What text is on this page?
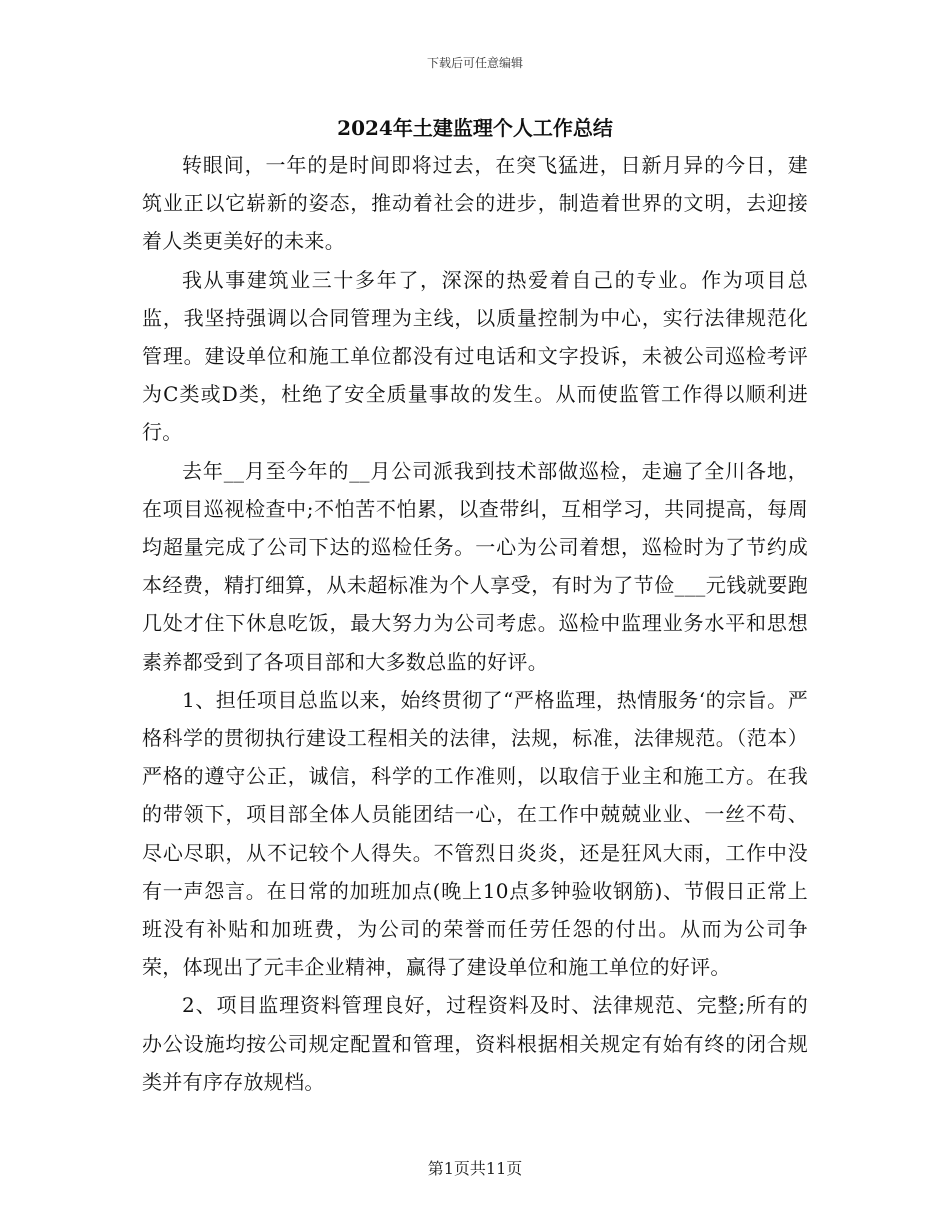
下载后可任意编辑
2024年土建监理个人工作总结

转眼间，一年的是时间即将过去，在突飞猛进，日新月异的今日，建筑业正以它崭新的姿态，推动着社会的进步，制造着世界的文明，去迎接着人类更美好的未来。

我从事建筑业三十多年了，深深的热爱着自己的专业。作为项目总监，我坚持强调以合同管理为主线，以质量控制为中心，实行法律规范化管理。建设单位和施工单位都没有过电话和文字投诉，未被公司巡检考评为C类或D类，杜绝了安全质量事故的发生。从而使监管工作得以顺利进行。

去年__月至今年的__月公司派我到技术部做巡检，走遍了全川各地，在项目巡视检查中;不怕苦不怕累，以查带纠，互相学习，共同提高，每周均超量完成了公司下达的巡检任务。一心为公司着想，巡检时为了节约成本经费，精打细算，从未超标准为个人享受，有时为了节俭___元钱就要跑几处才住下休息吃饭，最大努力为公司考虑。巡检中监理业务水平和思想素养都受到了各项目部和大多数总监的好评。

1、担任项目总监以来，始终贯彻了“严格监理，热情服务‘的宗旨。严格科学的贯彻执行建设工程相关的法律，法规，标准，法律规范。（范本）严格的遵守公正，诚信，科学的工作准则，以取信于业主和施工方。在我的带领下，项目部全体人员能团结一心，在工作中兢兢业业、一丝不苟、尽心尽职，从不记较个人得失。不管烈日炎炎，还是狂风大雨，工作中没有一声怨言。在日常的加班加点(晚上10点多钟验收钢筋)、节假日正常上班没有补贴和加班费，为公司的荣誉而任劳任怨的付出。从而为公司争荣，体现出了元丰企业精神，赢得了建设单位和施工单位的好评。

2、项目监理资料管理良好，过程资料及时、法律规范、完整;所有的办公设施均按公司规定配置和管理，资料根据相关规定有始有终的闭合规类并有序存放规档。

第1页共11页
